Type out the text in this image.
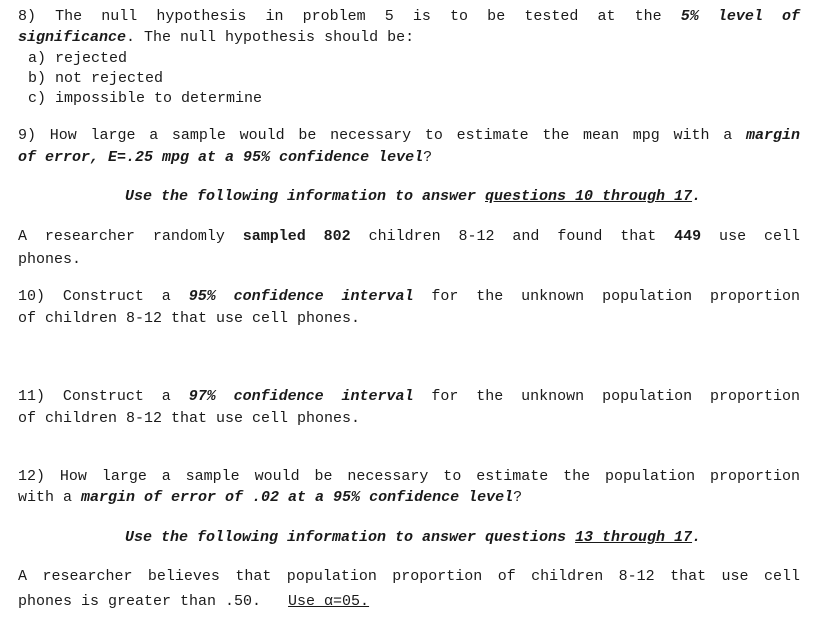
8) The null hypothesis in problem 5 is to be tested at the 5% level of
significance. The null hypothesis should be:
a) rejected
b) not rejected
c) impossible to determine
9) How large a sample would be necessary to estimate the mean mpg with a margin
of error, E=.25 mpg at a 95% confidence level?
Use the following information to answer questions 10 through 17.
A researcher randomly sampled 802 children 8-12 and found that 449 use cell
phones.
10) Construct a 95% confidence interval for the unknown population proportion
of children 8-12 that use cell phones.
11) Construct a 97% confidence interval for the unknown population proportion
of children 8-12 that use cell phones.
12) How large a sample would be necessary to estimate the population proportion
with a margin of error of .02 at a 95% confidence level?
Use the following information to answer questions 13 through 17.
A researcher believes that population proportion of children 8-12 that use cell
phones is greater than .50.   Use α=05.
